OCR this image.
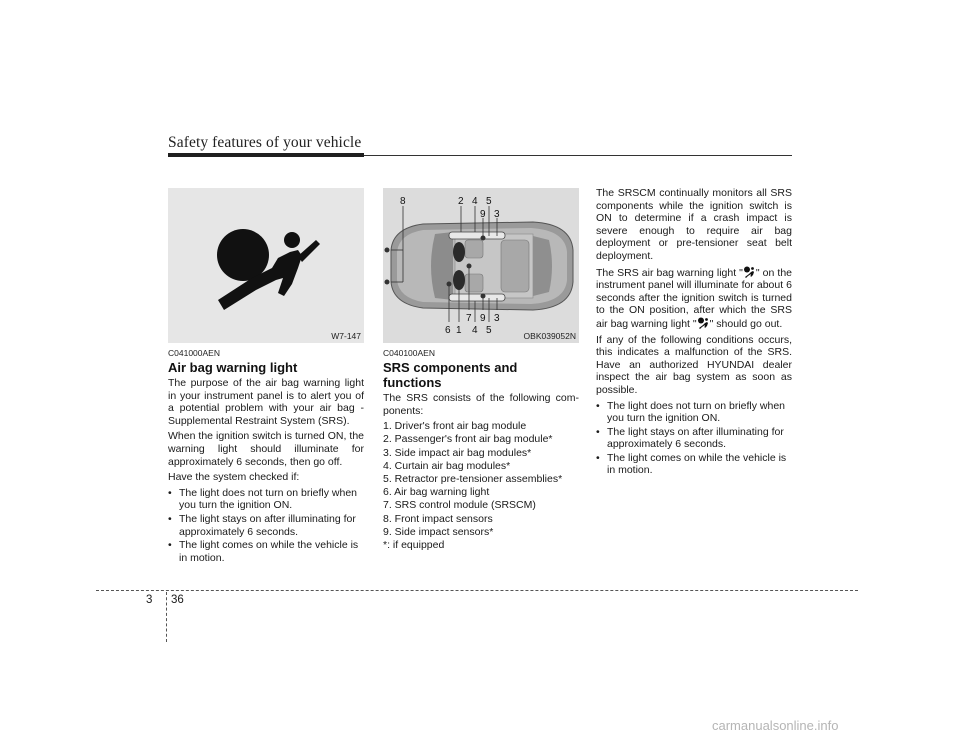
Safety features of your vehicle
W7-147

C041000AEN

Air bag warning light

The purpose of the air bag warning light in your instrument panel is to alert you of a potential problem with your air bag - Supplemental Restraint System (SRS).

When the ignition switch is turned ON, the warning light should illuminate for approximately 6 seconds, then go off.

Have the system checked if:

• The light does not turn on briefly when you turn the ignition ON.
• The light stays on after illuminating for approximately 6 seconds.
• The light comes on while the vehicle is in motion.
8	2 4 5
9 3
6 1
7 9
4 5
3
OBK039052N

C040100AEN

SRS components and functions

The SRS consists of the following com-ponents:

1. Driver's front air bag module
2. Passenger's front air bag module*
3. Side impact air bag modules*
4. Curtain air bag modules*
5. Retractor pre-tensioner assemblies*
6. Air bag warning light
7. SRS control module (SRSCM)
8. Front impact sensors
9. Side impact sensors*
*: if equipped

The SRSCM continually monitors all SRS components while the ignition switch is ON to determine if a crash impact is severe enough to require air bag deployment or pre-tensioner seat belt deployment.

The SRS air bag warning light " " on the instrument panel will illuminate for about 6 seconds after the ignition switch is turned to the ON position, after which the SRS air bag warning light " " should go out.

If any of the following conditions occurs, this indicates a malfunction of the SRS. Have an authorized HYUNDAI dealer inspect the air bag system as soon as possible.

• The light does not turn on briefly when you turn the ignition ON.
• The light stays on after illuminating for approximately 6 seconds.
• The light comes on while the vehicle is in motion.
3 36
carmanualsonline.info
